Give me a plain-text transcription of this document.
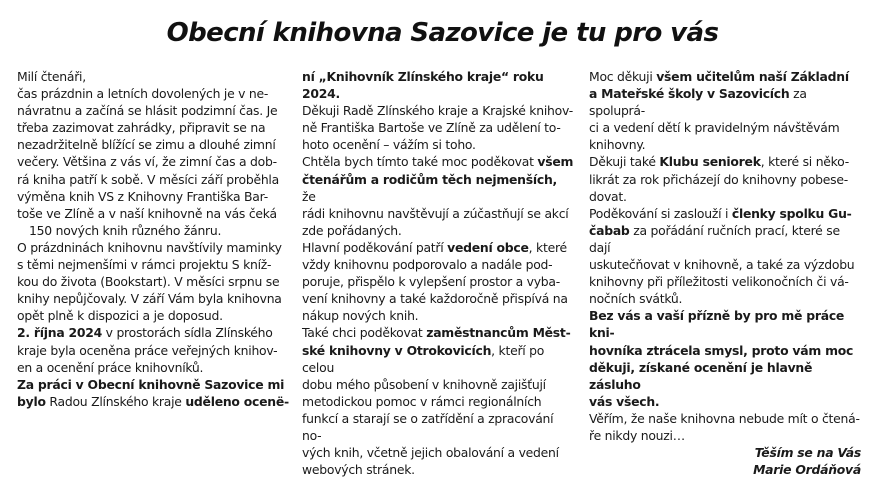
Obecní knihovna Sazovice je tu pro vás

Milí čtenáři,

čas prázdnin a letních dovolených je v ne-

návratnu a začíná se hlásit podzimní čas. Je

třeba zazimovat zahrádky, připravit se na

nezadržitelně blížící se zimu a dlouhé zimní

večery. Většina z vás ví, že zimní čas a dob-

rá kniha patří k sobě. V měsíci září proběhla

výměna knih VS z Knihovny Františka Bar-

toše ve Zlíně a v naší knihovně na vás čeká

150 nových knih různého žánru.

O prázdninách knihovnu navštívily maminky

s těmi nejmenšími v rámci projektu S kníž-

kou do života (Bookstart). V měsíci srpnu se

knihy nepůjčovaly. V září Vám byla knihovna

opět plně k dispozici a je doposud.

2. října 2024 v prostorách sídla Zlínského

kraje byla oceněna práce veřejných knihov-

en a ocenění práce knihovníků.

Za práci v Obecní knihovně Sazovice mi

bylo Radou Zlínského kraje uděleno ocenë-

ní „Knihovník Zlínského kraje“ roku 2024.

Děkuji Radě Zlínského kraje a Krajské knihov-

ně Františka Bartoše ve Zlíně za udělení to-

hoto ocenění – vážím si toho.

Chtěla bych tímto také moc poděkovat všem

čtenářům a rodičům těch nejmenších, že

rádi knihovnu navštěvují a zúčastňují se akcí

zde pořádaných.

Hlavní poděkování patří vedení obce, které

vždy knihovnu podporovalo a nadále pod-

poruje, přispělo k vylepšení prostor a vyba-

vení knihovny a také každoročně přispívá na

nákup nových knih.

Také chci poděkovat zaměstnancům Měst-

ské knihovny v Otrokovicích, kteří po celou

dobu mého působení v knihovně zajišťují

metodickou pomoc v rámci regionálních

funkcí a starají se o zatřídění a zpracování no-

vých knih, včetně jejich obalování a vedení

webových stránek.

Moc děkuji všem učitelům naší Základní

a Mateřské školy v Sazovicích za spoluprá-

ci a vedení dětí k pravidelným návštěvám

knihovny.

Děkuji také Klubu seniorek, které si něko-

likrát za rok přicházejí do knihovny pobese-

dovat.

Poděkování si zaslouží i členky spolku Gu-

čabab za pořádání ručních prací, které se dají

uskutečňovat v knihovně, a také za výzdobu

knihovny při příležitosti velikonočních či vá-

nočních svátků.

Bez vás a vaší přízně by pro mě práce kni-

hovníka ztrácela smysl, proto vám moc

děkuji, získané ocenění je hlavně zásluho

vás všech.

Věřím, že naše knihovna nebude mít o čtená-

ře nikdy nouzi…

Těším se na Vás

Marie Ordáňová
